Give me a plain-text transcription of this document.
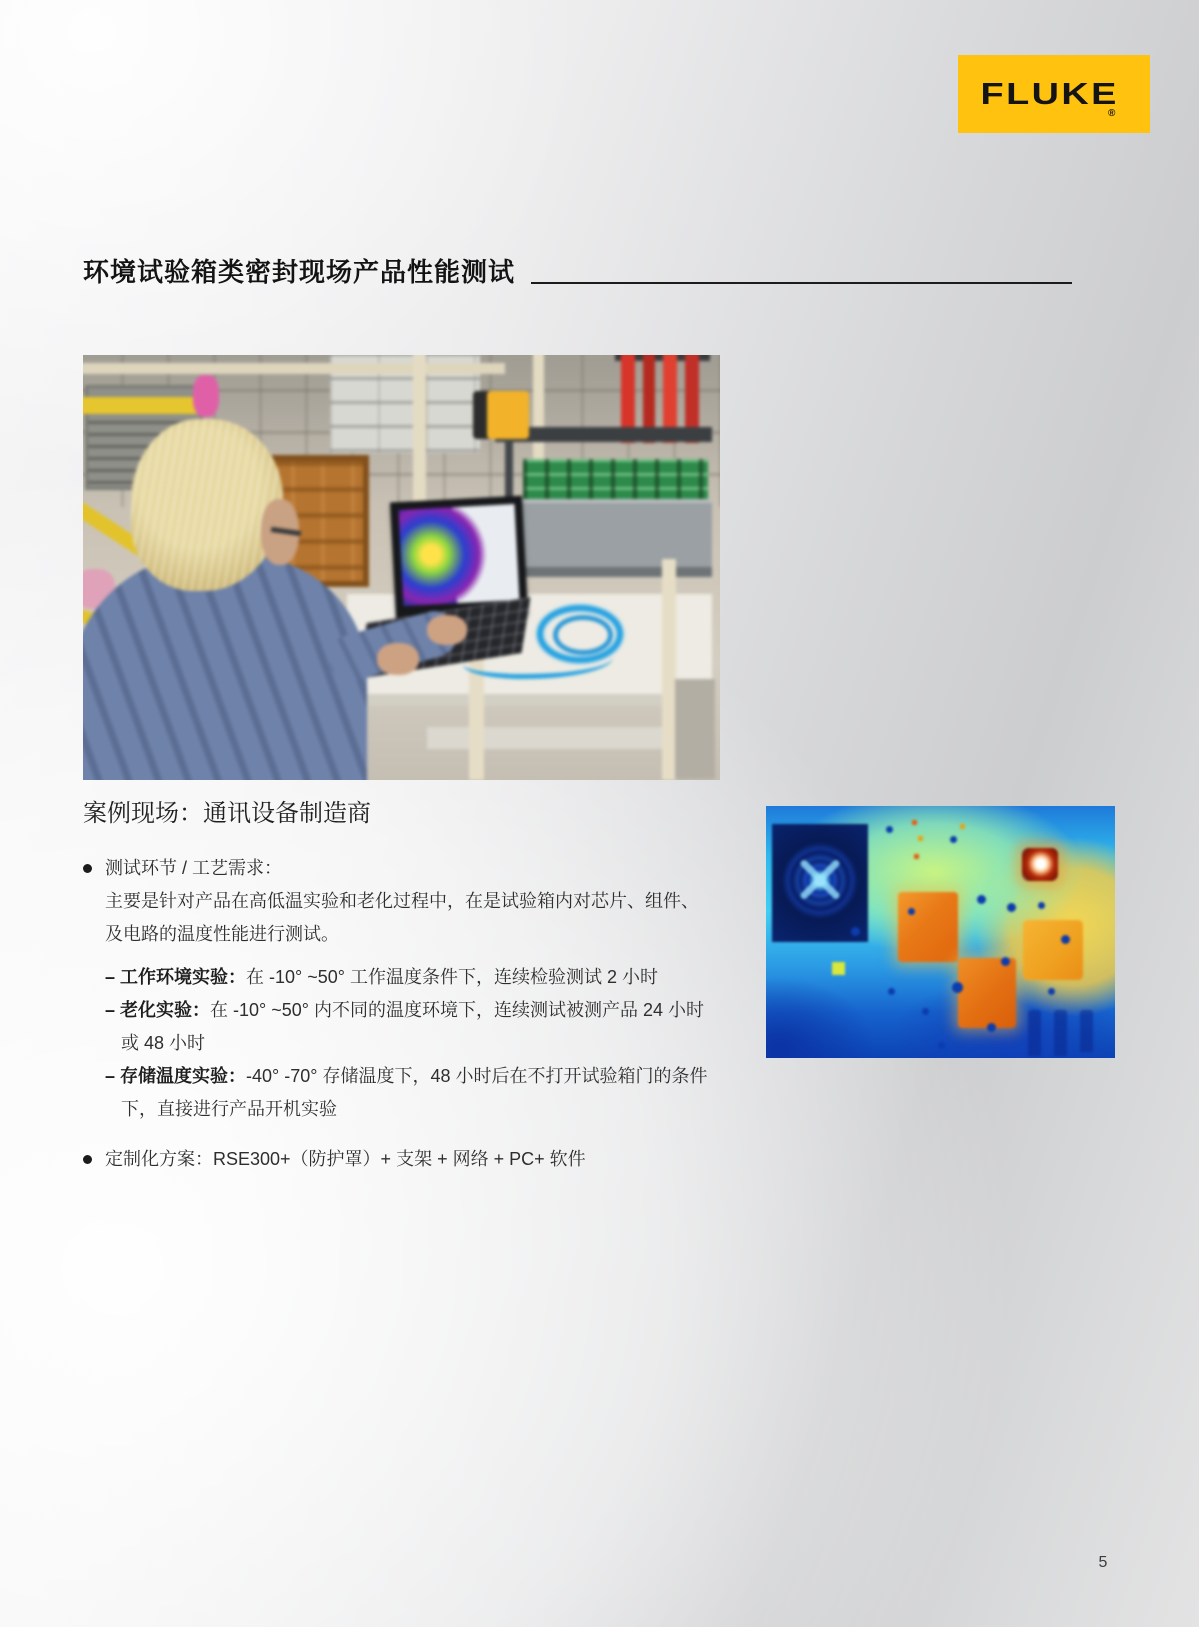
FLUKE
®
环境试验箱类密封现场产品性能测试
案例现场：通讯设备制造商
测试环节 / 工艺需求：
主要是针对产品在高低温实验和老化过程中，在是试验箱内对芯片、组件、
及电路的温度性能进行测试。
– 工作环境实验：在 -10° ~50° 工作温度条件下，连续检验测试 2 小时
– 老化实验：在 -10° ~50° 内不同的温度环境下，连续测试被测产品 24 小时
或 48 小时
– 存储温度实验：-40° -70° 存储温度下，48 小时后在不打开试验箱门的条件
下，直接进行产品开机实验
定制化方案：RSE300+（防护罩）+ 支架 + 网络 + PC+ 软件
5
